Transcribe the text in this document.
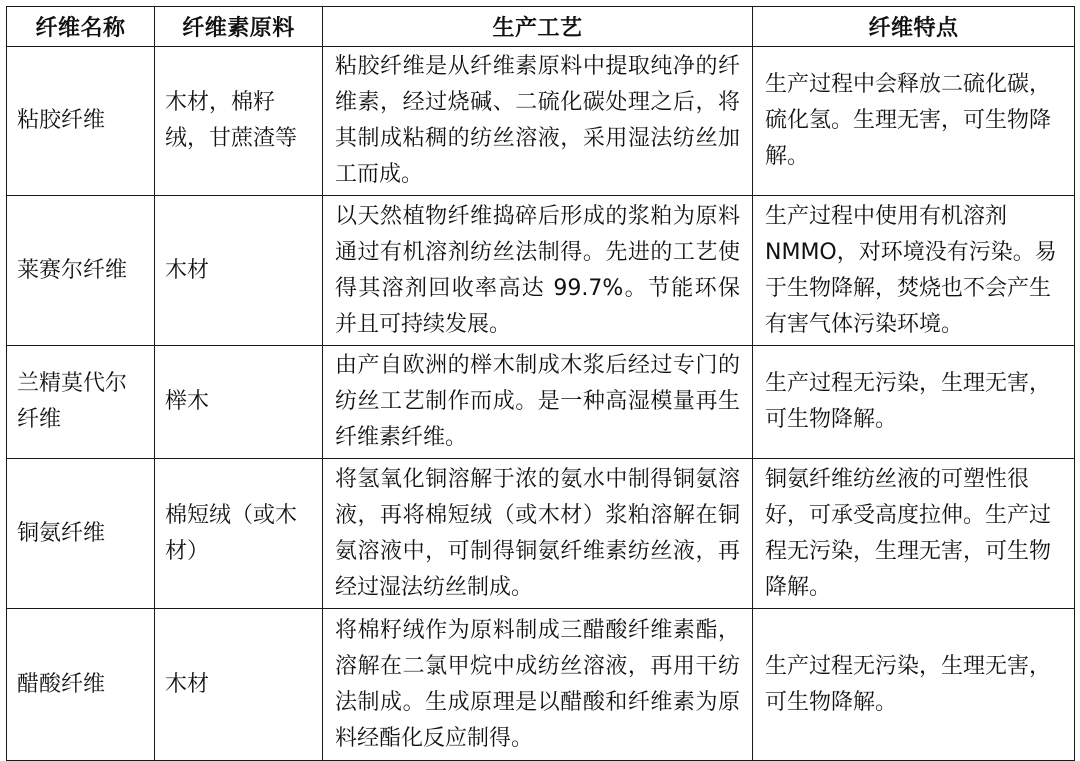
纤维名称	纤维素原料	生产工艺	纤维特点
粘胶纤维	木材，棉籽绒，甘蔗渣等	粘胶纤维是从纤维素原料中提取纯净的纤维素，经过烧碱、二硫化碳处理之后，将其制成粘稠的纺丝溶液，采用湿法纺丝加工而成。	生产过程中会释放二硫化碳，硫化氢。生理无害，可生物降解。
莱赛尔纤维	木材	以天然植物纤维捣碎后形成的浆粕为原料通过有机溶剂纺丝法制得。先进的工艺使得其溶剂回收率高达 99.7%。节能环保并且可持续发展。	生产过程中使用有机溶剂 NMMO，对环境没有污染。易于生物降解，焚烧也不会产生有害气体污染环境。
兰精莫代尔纤维	榉木	由产自欧洲的榉木制成木浆后经过专门的纺丝工艺制作而成。是一种高湿模量再生纤维素纤维。	生产过程无污染，生理无害，可生物降解。
铜氨纤维	棉短绒（或木材）	将氢氧化铜溶解于浓的氨水中制得铜氨溶液，再将棉短绒（或木材）浆粕溶解在铜氨溶液中，可制得铜氨纤维素纺丝液，再经过湿法纺丝制成。	铜氨纤维纺丝液的可塑性很好，可承受高度拉伸。生产过程无污染，生理无害，可生物降解。
醋酸纤维	木材	将棉籽绒作为原料制成三醋酸纤维素酯，溶解在二氯甲烷中成纺丝溶液，再用干纺法制成。生成原理是以醋酸和纤维素为原料经酯化反应制得。	生产过程无污染，生理无害，可生物降解。
